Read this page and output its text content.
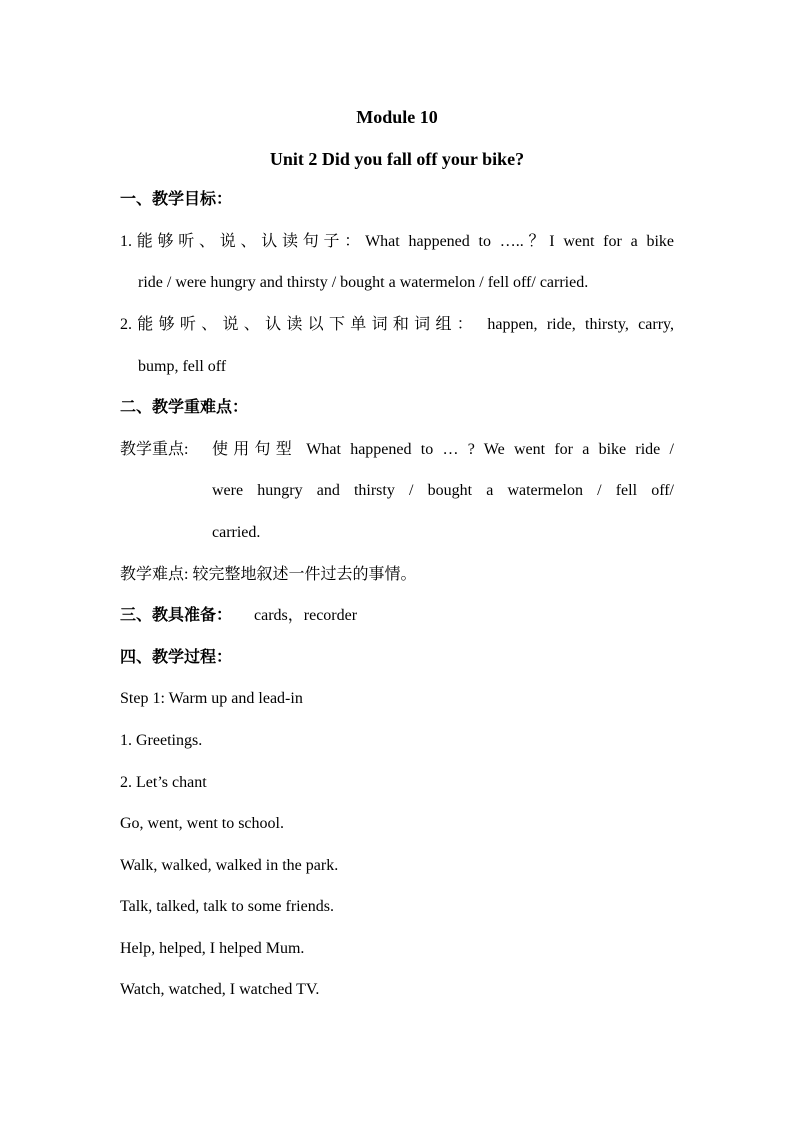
Module 10
Unit 2 Did you fall off your bike?
一、教学目标：
1.能够听、说、认读句子：What happened to …..？I went for a bike
ride / were hungry and thirsty / bought a watermelon / fell off/ carried.
2.能够听、说、认读以下单词和词组： happen, ride, thirsty, carry,
bump, fell off
二、教学重难点：
教学重点:	使用句型 What happened to … ? We went for a bike ride /
were hungry and thirsty / bought a watermelon / fell off/
carried.
教学难点: 较完整地叙述一件过去的事情。
三、教具准备： cards，recorder
四、教学过程：
Step 1: Warm up and lead-in
1. Greetings.
2. Let’s chant
Go, went, went to school.
Walk, walked, walked in the park.
Talk, talked, talk to some friends.
Help, helped, I helped Mum.
Watch, watched, I watched TV.
